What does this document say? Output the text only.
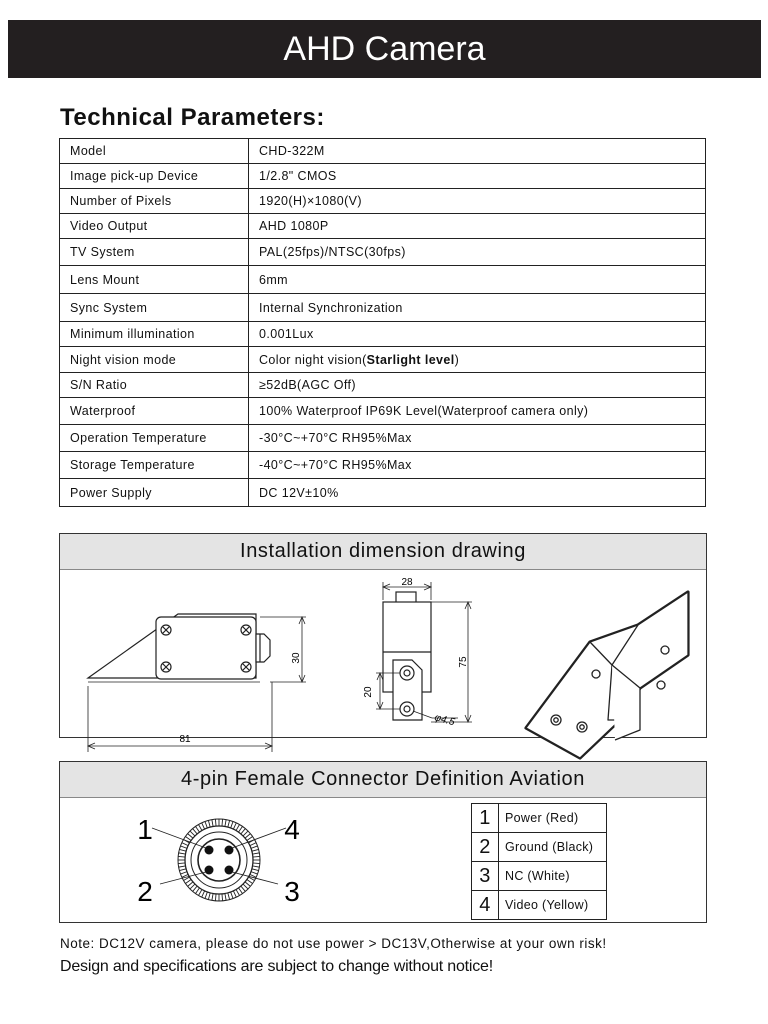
AHD Camera
Technical Parameters:
Model	CHD-322M
Image pick-up Device	1/2.8" CMOS
Number of Pixels	1920(H)×1080(V)
Video Output	AHD 1080P
TV System	PAL(25fps)/NTSC(30fps)
Lens Mount	6mm
Sync System	Internal Synchronization
Minimum illumination	0.001Lux
Night vision mode	Color night vision(Starlight level)
S/N Ratio	≥52dB(AGC Off)
Waterproof	100% Waterproof IP69K Level(Waterproof camera only)
Operation Temperature	-30°C~+70°C RH95%Max
Storage Temperature	-40°C~+70°C RH95%Max
Power Supply	DC 12V±10%
Installation dimension drawing
30
81
28
75
20
φ4.5
4-pin Female Connector Definition Aviation
1	4
2	3
1	Power (Red)
2	Ground (Black)
3	NC (White)
4	Video (Yellow)
Note: DC12V camera, please do not use power > DC13V,Otherwise at your own risk!
Design and specifications are subject to change without notice!
